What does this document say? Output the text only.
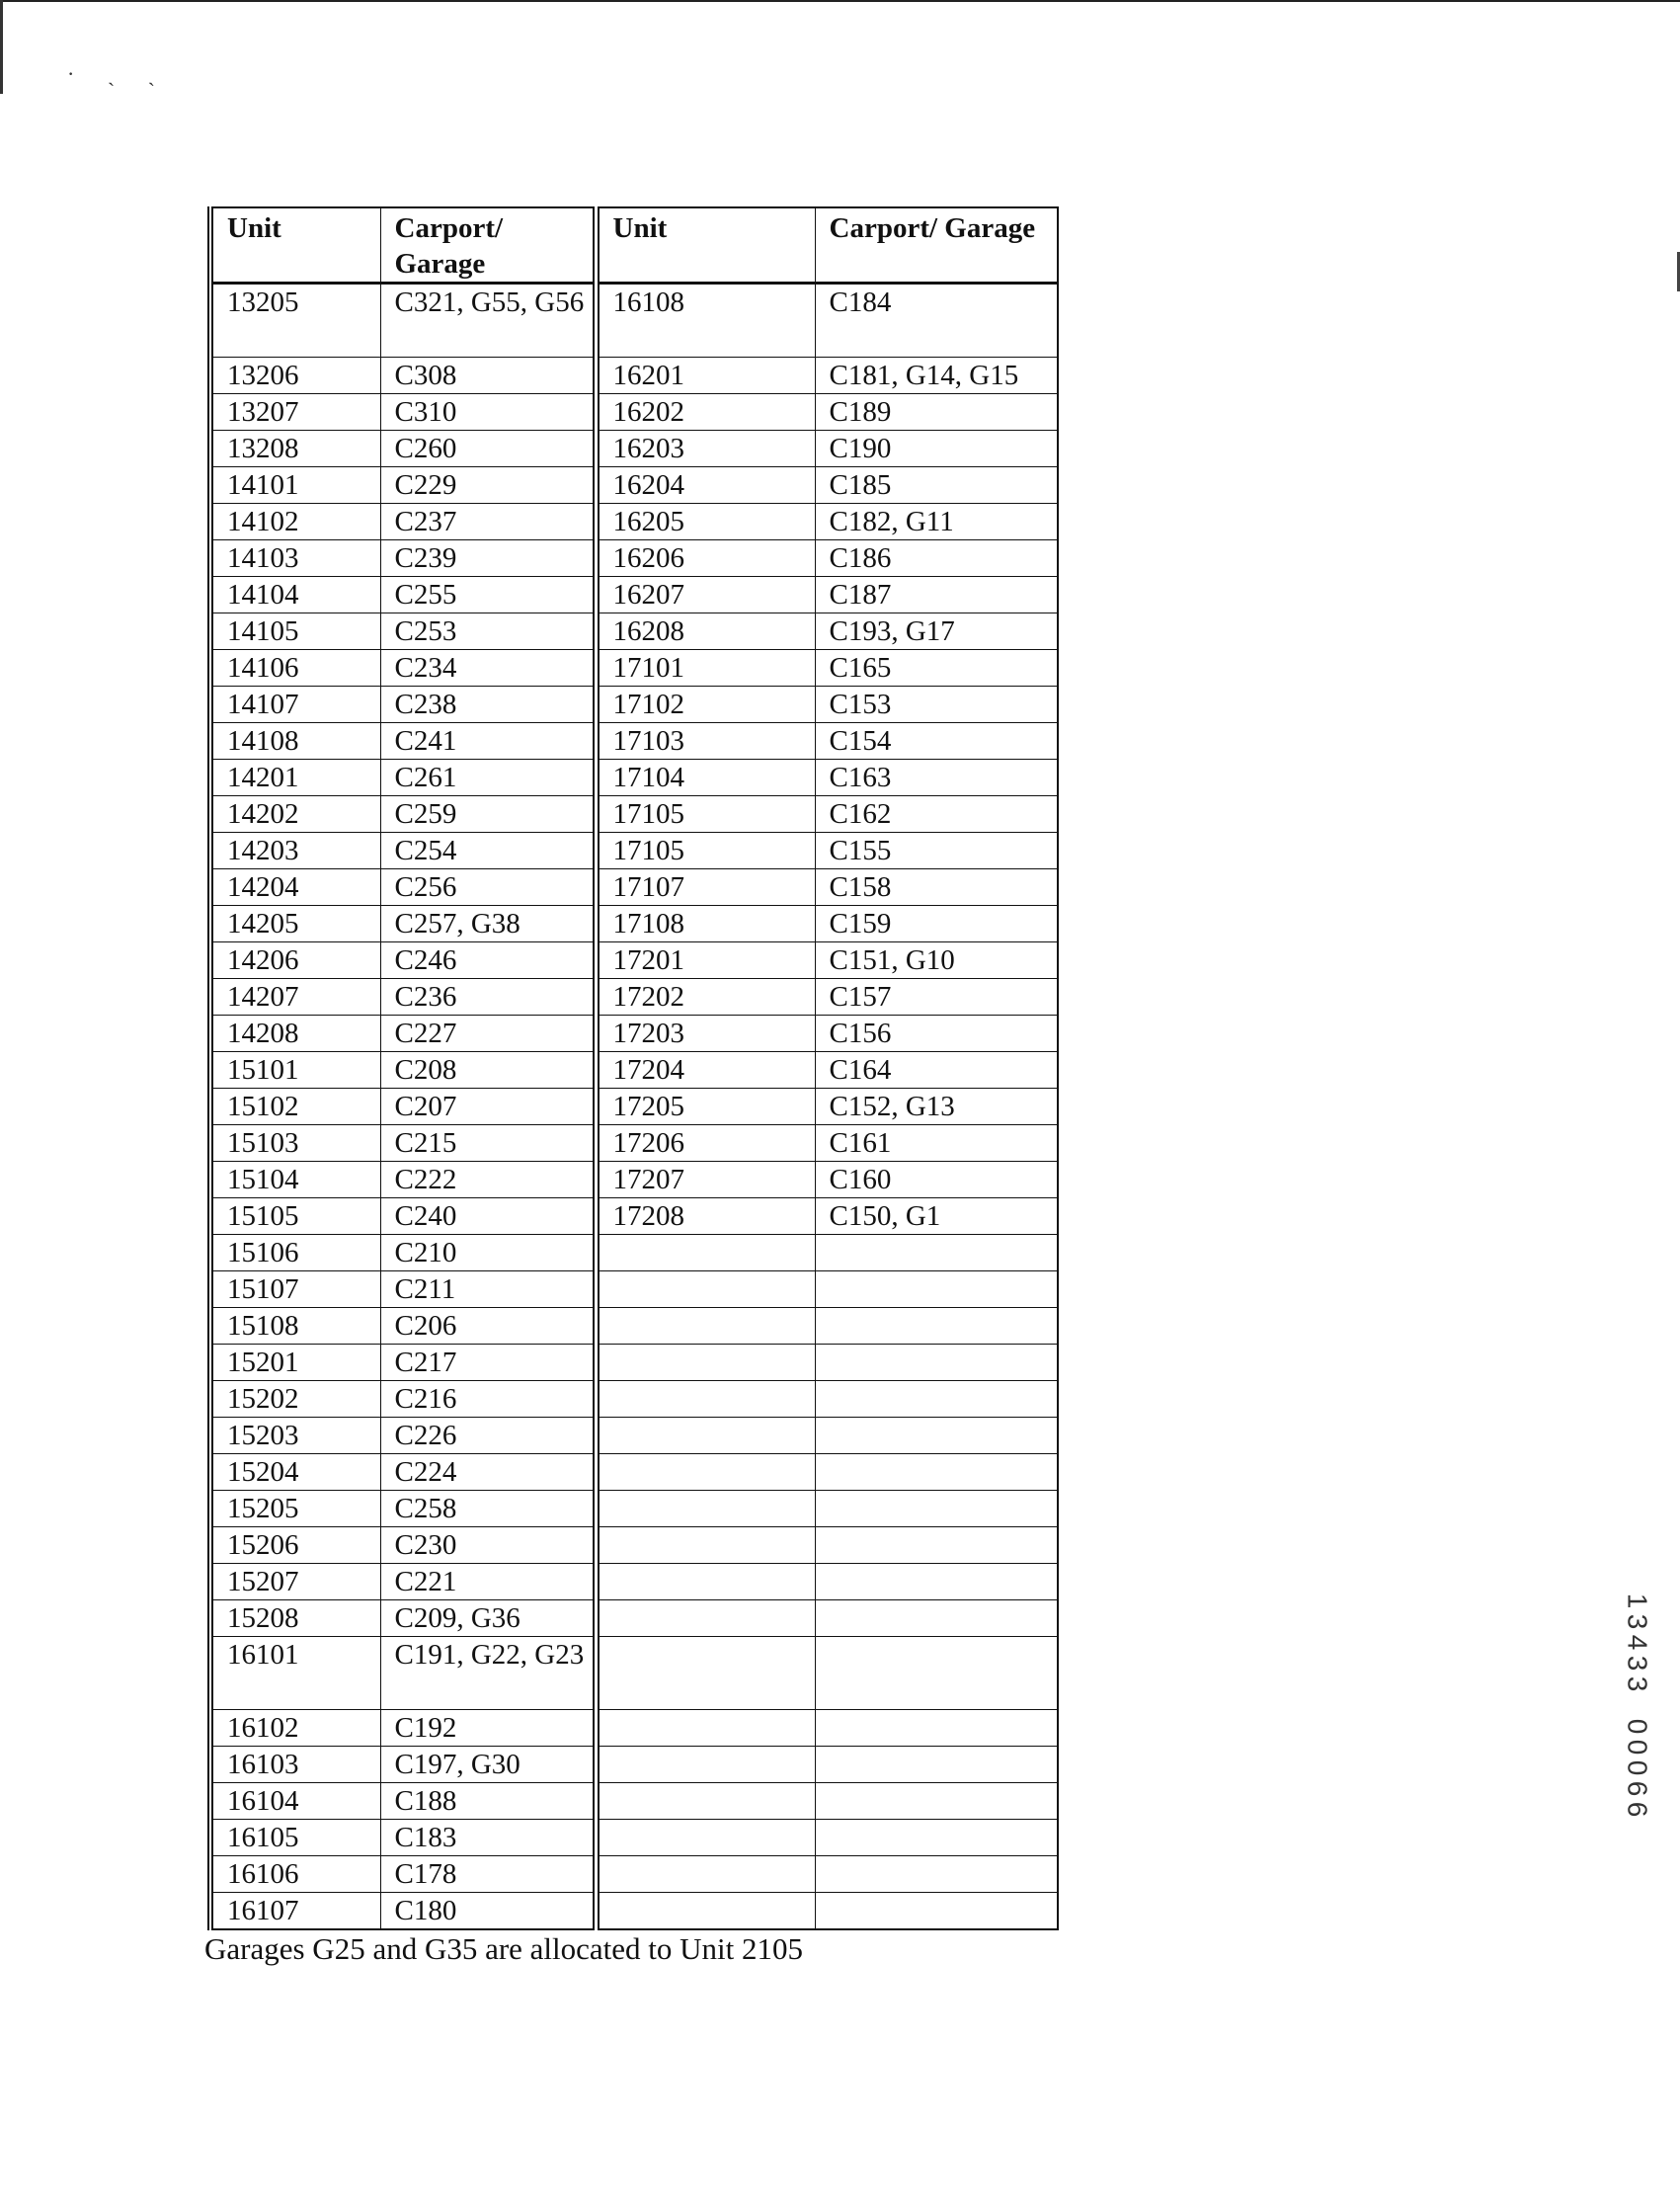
· ˏ ˏ
Unit	Carport/ Garage	Unit	Carport/ Garage
13205	C321, G55, G56	16108	C184
13206	C308	16201	C181, G14, G15
13207	C310	16202	C189
13208	C260	16203	C190
14101	C229	16204	C185
14102	C237	16205	C182, G11
14103	C239	16206	C186
14104	C255	16207	C187
14105	C253	16208	C193, G17
14106	C234	17101	C165
14107	C238	17102	C153
14108	C241	17103	C154
14201	C261	17104	C163
14202	C259	17105	C162
14203	C254	17105	C155
14204	C256	17107	C158
14205	C257, G38	17108	C159
14206	C246	17201	C151, G10
14207	C236	17202	C157
14208	C227	17203	C156
15101	C208	17204	C164
15102	C207	17205	C152, G13
15103	C215	17206	C161
15104	C222	17207	C160
15105	C240	17208	C150, G1
15106	C210		
15107	C211		
15108	C206		
15201	C217		
15202	C216		
15203	C226		
15204	C224		
15205	C258		
15206	C230		
15207	C221		
15208	C209, G36		
16101	C191, G22, G23		
16102	C192		
16103	C197, G30		
16104	C188		
16105	C183		
16106	C178		
16107	C180		
Garages G25 and G35 are allocated to Unit 2105
1
3
4
3
3
0
0
0
6
6
